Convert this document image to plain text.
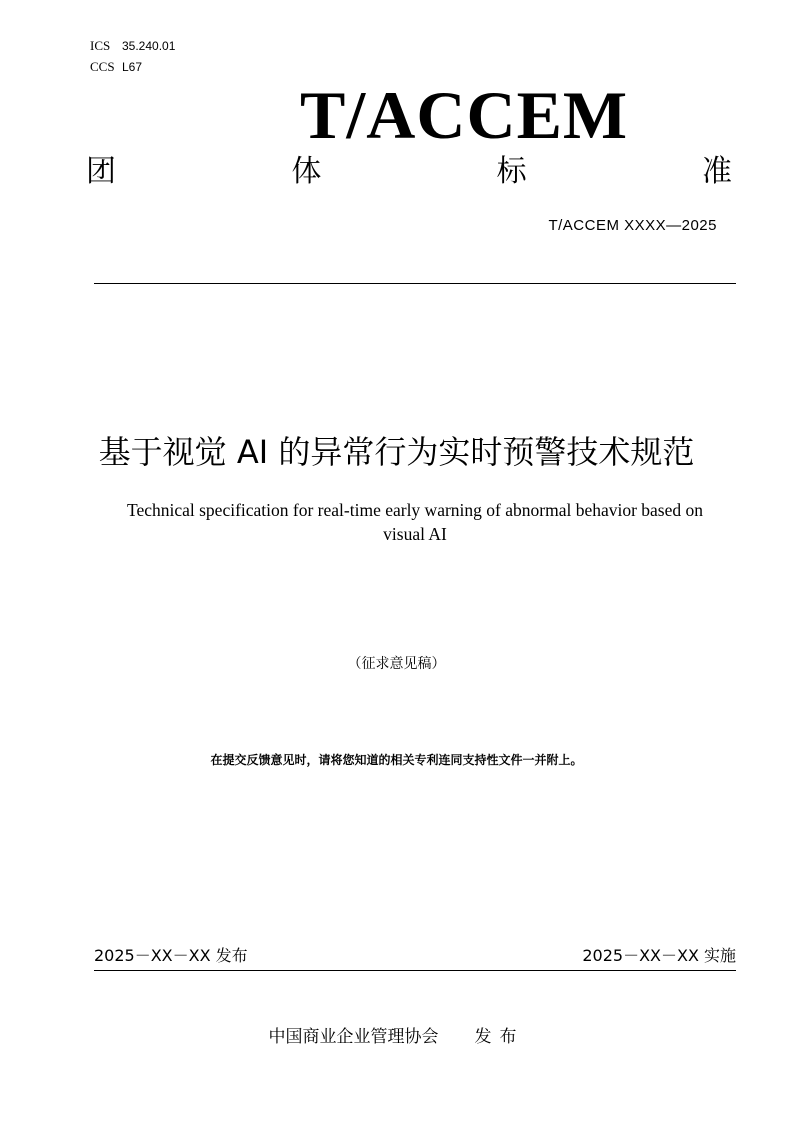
ICS 35.240.01
CCS L67
T/ACCEM
团	体	标	准
T/ACCEM XXXX—2025
基于视觉 AI 的异常行为实时预警技术规范
Technical specification for real-time early warning of abnormal behavior based on
visual AI
（征求意见稿）
在提交反馈意见时，请将您知道的相关专利连同支持性文件一并附上。
2025－XX－XX 发布	2025－XX－XX 实施
中国商业企业管理协会 发布
